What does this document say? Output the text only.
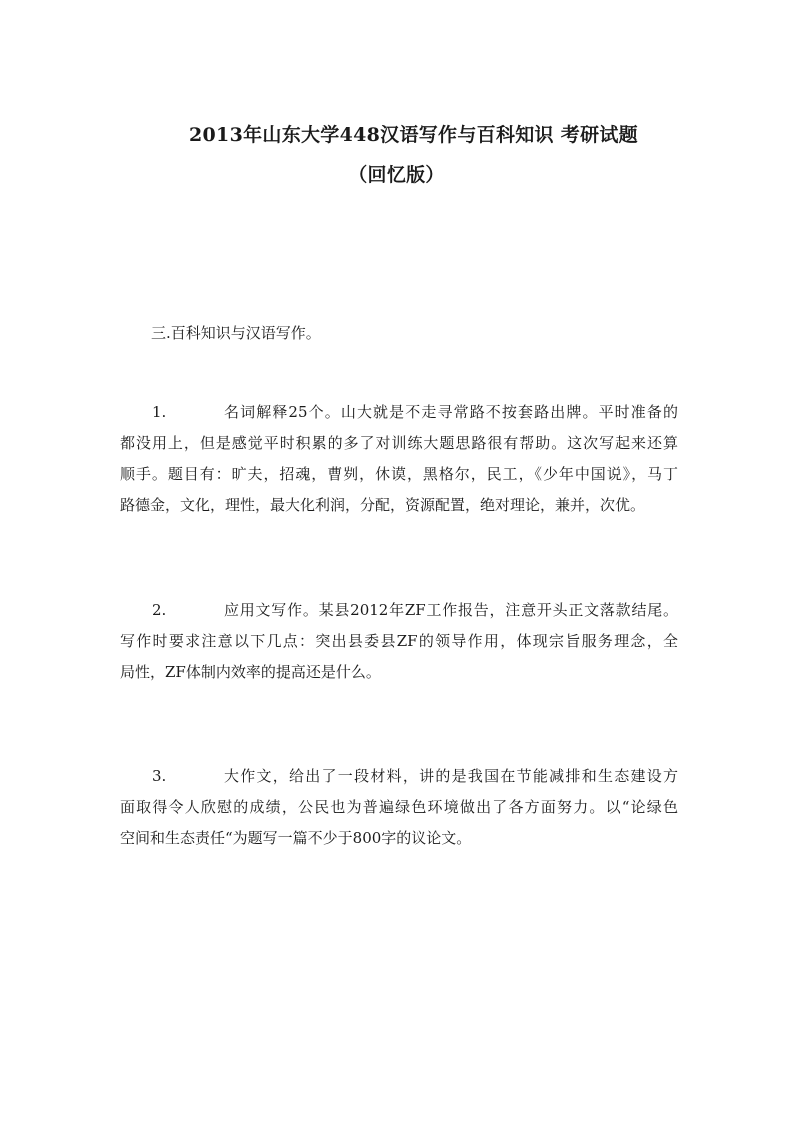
2013年山东大学448汉语写作与百科知识 考研试题
（回忆版）
三.百科知识与汉语写作。
1.	名词解释25个。山大就是不走寻常路不按套路出牌。平时准备的
都没用上，但是感觉平时积累的多了对训练大题思路很有帮助。这次写起来还算
顺手。题目有：旷夫，招魂，曹刿，休谟，黑格尔，民工，《少年中国说》，马丁
路德金，文化，理性，最大化利润，分配，资源配置，绝对理论，兼并，次优。
2.	应用文写作。某县2012年ZF工作报告，注意开头正文落款结尾。
写作时要求注意以下几点：突出县委县ZF的领导作用，体现宗旨服务理念，全
局性，ZF体制内效率的提高还是什么。
3.	大作文，给出了一段材料，讲的是我国在节能减排和生态建设方
面取得令人欣慰的成绩，公民也为普遍绿色环境做出了各方面努力。以“论绿色
空间和生态责任“为题写一篇不少于800字的议论文。
